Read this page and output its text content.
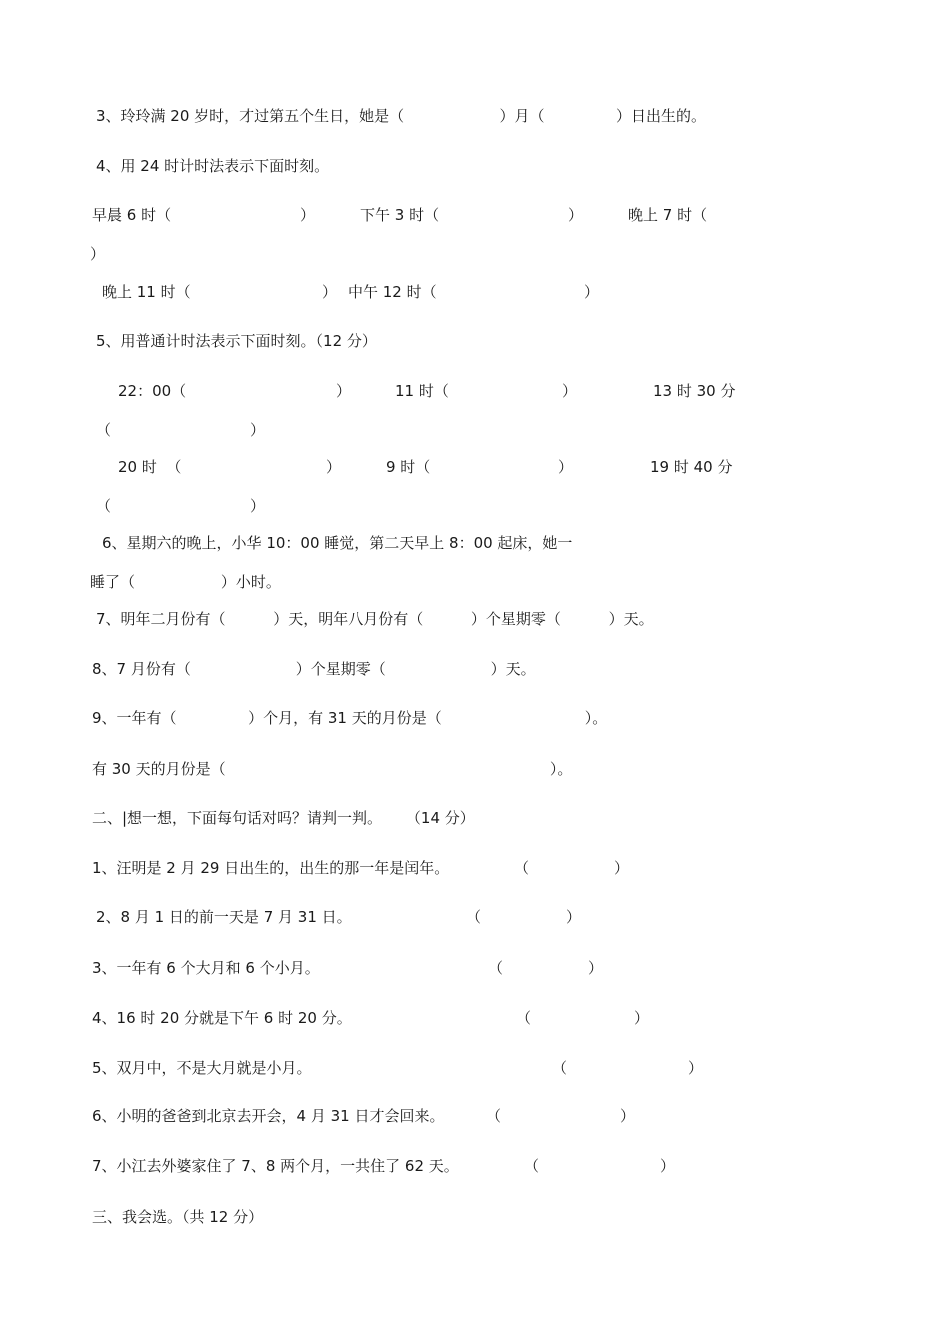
3、玲玲满 20 岁时，才过第五个生日，她是（                    ）月（               ）日出生的。
4、用 24 时计时法表示下面时刻。
早晨 6 时（	）	下午 3 时（	）	晚上 7 时（
）
晚上 11 时（	） 中午 12 时（	）
5、用普通计时法表示下面时刻。（12 分）
22：00（	）	11 时（	）	13 时 30 分
（	）
20 时  （	）	9 时（	）	19 时 40 分
（	）
6、星期六的晚上，小华 10：00 睡觉，第二天早上 8：00 起床，她一
睡了（                  ）小时。
7、明年二月份有（          ）天，明年八月份有（          ）个星期零（          ）天。
8、7 月份有（                      ）个星期零（                      ）天。
9、一年有（               ）个月，有 31 天的月份是（                              ）。
有 30 天的月份是（                                                                    ）。
二、|想一想，下面每句话对吗？请判一判。     （14 分）
1、汪明是 2 月 29 日出生的，出生的那一年是闰年。	（	）
2、8 月 1 日的前一天是 7 月 31 日。	（	）
3、一年有 6 个大月和 6 个小月。	（	）
4、16 时 20 分就是下午 6 时 20 分。	（	）
5、双月中，不是大月就是小月。	（	）
6、小明的爸爸到北京去开会，4 月 31 日才会回来。	（	）
7、小江去外婆家住了 7、8 两个月，一共住了 62 天。	（	）
三、我会选。（共 12 分）
